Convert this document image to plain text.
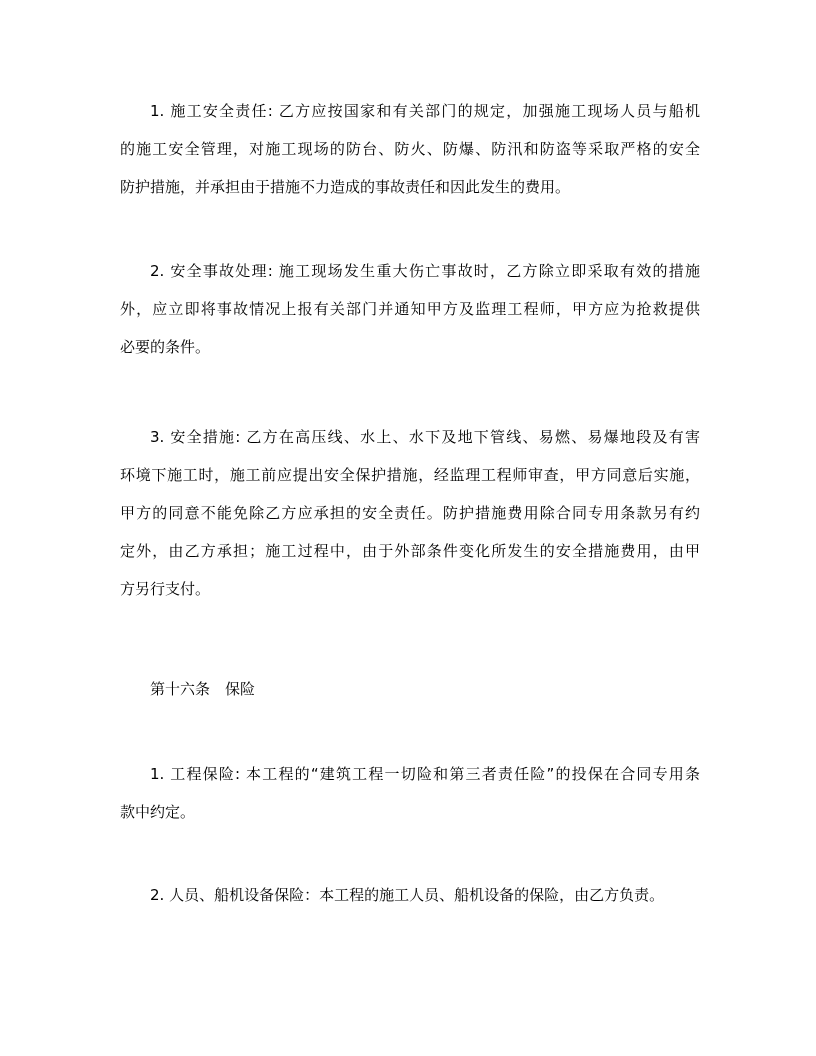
1. 施工安全责任: 乙方应按国家和有关部门的规定，加强施工现场人员与船机
的施工安全管理，对施工现场的防台、防火、防爆、防汛和防盗等采取严格的安全
防护措施，并承担由于措施不力造成的事故责任和因此发生的费用。
2. 安全事故处理: 施工现场发生重大伤亡事故时，乙方除立即采取有效的措施
外，应立即将事故情况上报有关部门并通知甲方及监理工程师，甲方应为抢救提供
必要的条件。
3. 安全措施: 乙方在高压线、水上、水下及地下管线、易燃、易爆地段及有害
环境下施工时，施工前应提出安全保护措施，经监理工程师审查，甲方同意后实施，
甲方的同意不能免除乙方应承担的安全责任。防护措施费用除合同专用条款另有约
定外，由乙方承担；施工过程中，由于外部条件变化所发生的安全措施费用，由甲
方另行支付。
第十六条　保险
1. 工程保险: 本工程的“建筑工程一切险和第三者责任险”的投保在合同专用条
款中约定。
2. 人员、船机设备保险：本工程的施工人员、船机设备的保险，由乙方负责。
